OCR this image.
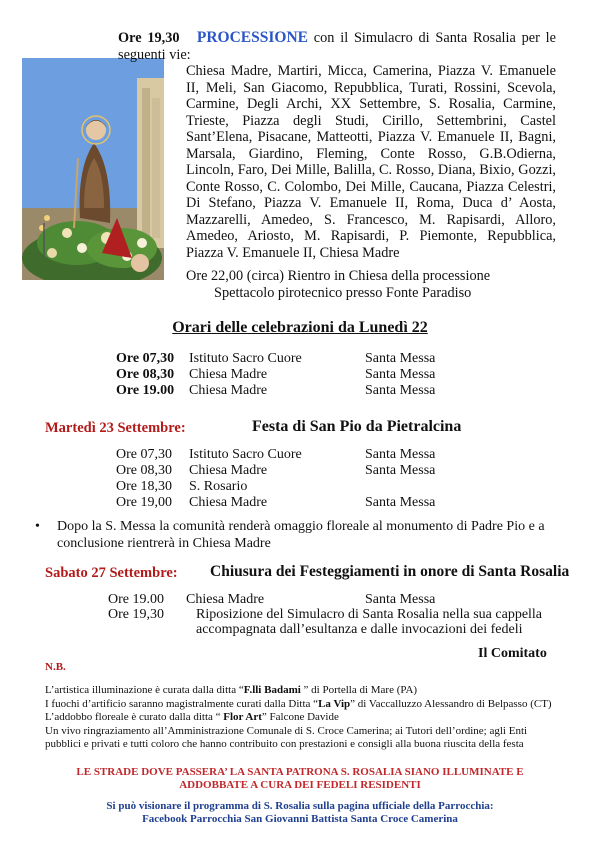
Ore 19,30 PROCESSIONE con il Simulacro di Santa Rosalia per le seguenti vie:
Chiesa Madre, Martiri, Micca, Camerina, Piazza V. Emanuele II, Meli, San Giacomo, Repubblica, Turati, Rossini, Scevola, Carmine, Degli Archi, XX Settembre, S. Rosalia, Carmine, Trieste, Piazza degli Studi, Cirillo, Settembrini, Castel Sant’Elena, Pisacane, Matteotti, Piazza V. Emanuele II, Bagni, Marsala, Giardino, Fleming, Conte Rosso, G.B.Odierna, Lincoln, Faro, Dei Mille, Balilla, C. Rosso, Diana, Bixio, Gozzi, Conte Rosso, C. Colombo, Dei Mille, Caucana, Piazza Celestri, Di Stefano, Piazza V. Emanuele II, Roma, Duca d’ Aosta, Mazzarelli, Amedeo, S. Francesco, M. Rapisardi, Alloro, Amedeo, Ariosto, M. Rapisardi, P. Piemonte, Repubblica, Piazza V. Emanuele II, Chiesa Madre
Ore 22,00 (circa) Rientro in Chiesa della processione
Spettacolo pirotecnico presso Fonte Paradiso
Orari delle celebrazioni da Lunedì 22
Ore 07,30	Istituto Sacro Cuore	Santa Messa
Ore 08,30	Chiesa Madre	Santa Messa
Ore 19.00	Chiesa Madre	Santa Messa
Martedì 23 Settembre:	Festa di San Pio da Pietralcina
Ore 07,30	Istituto Sacro Cuore	Santa Messa
Ore 08,30	Chiesa Madre	Santa Messa
Ore 18,30	S. Rosario
Ore 19,00	Chiesa Madre	Santa Messa
• Dopo la S. Messa la comunità renderà omaggio floreale al monumento di Padre Pio e a conclusione rientrerà in Chiesa Madre
Sabato 27 Settembre: Chiusura dei Festeggiamenti in onore di Santa Rosalia
Ore 19.00	Chiesa Madre	Santa Messa
Ore 19,30	Riposizione del Simulacro di Santa Rosalia nella sua cappella
accompagnata dall’esultanza e dalle invocazioni dei fedeli
Il Comitato
N.B.
L’artistica illuminazione è curata dalla ditta “F.lli Badami ” di Portella di Mare (PA)
I fuochi d’artificio saranno magistralmente curati dalla Ditta “La Vip” di Vaccalluzzo Alessandro di Belpasso (CT)
L’addobbo floreale è curato dalla ditta “ Flor Art” Falcone Davide
Un vivo ringraziamento all’Amministrazione Comunale di S. Croce Camerina; ai Tutori dell’ordine; agli Enti pubblici e privati e tutti coloro che hanno contribuito con prestazioni e consigli alla buona riuscita della festa
LE STRADE DOVE PASSERA’ LA SANTA PATRONA S. ROSALIA SIANO ILLUMINATE E
ADDOBBATE A CURA DEI FEDELI RESIDENTI
Si può visionare il programma di S. Rosalia sulla pagina ufficiale della Parrocchia:
Facebook Parrocchia San Giovanni Battista Santa Croce Camerina
